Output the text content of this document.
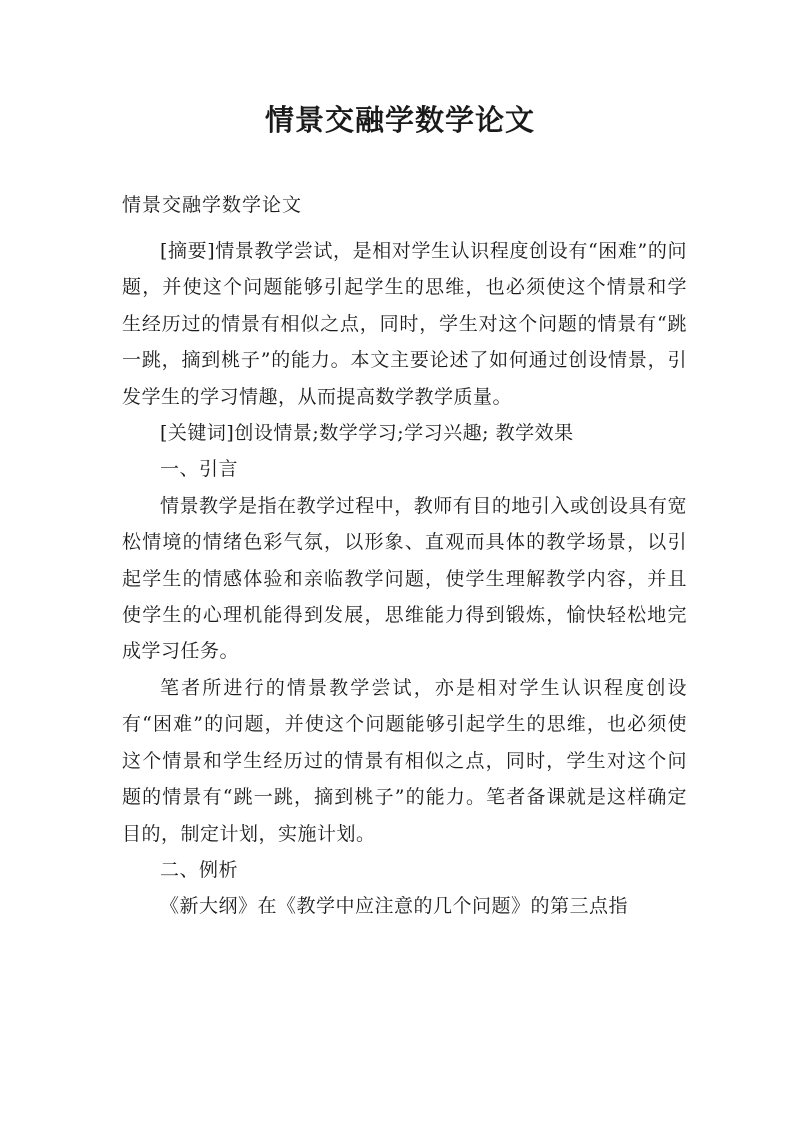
情景交融学数学论文
情景交融学数学论文

[摘要]情景教学尝试，是相对学生认识程度创设有“困难”的问题，并使这个问题能够引起学生的思维，也必须使这个情景和学生经历过的情景有相似之点，同时，学生对这个问题的情景有“跳一跳，摘到桃子”的能力。本文主要论述了如何通过创设情景，引发学生的学习情趣，从而提高数学教学质量。

[关键词]创设情景;数学学习;学习兴趣; 教学效果

一、引言

情景教学是指在教学过程中，教师有目的地引入或创设具有宽松情境的情绪色彩气氛，以形象、直观而具体的教学场景，以引起学生的情感体验和亲临教学问题，使学生理解教学内容，并且使学生的心理机能得到发展，思维能力得到锻炼，愉快轻松地完成学习任务。

笔者所进行的情景教学尝试，亦是相对学生认识程度创设有“困难”的问题，并使这个问题能够引起学生的思维，也必须使这个情景和学生经历过的情景有相似之点，同时，学生对这个问题的情景有“跳一跳，摘到桃子”的能力。笔者备课就是这样确定目的，制定计划，实施计划。

二、例析

《新大纲》在《教学中应注意的几个问题》的第三点指
